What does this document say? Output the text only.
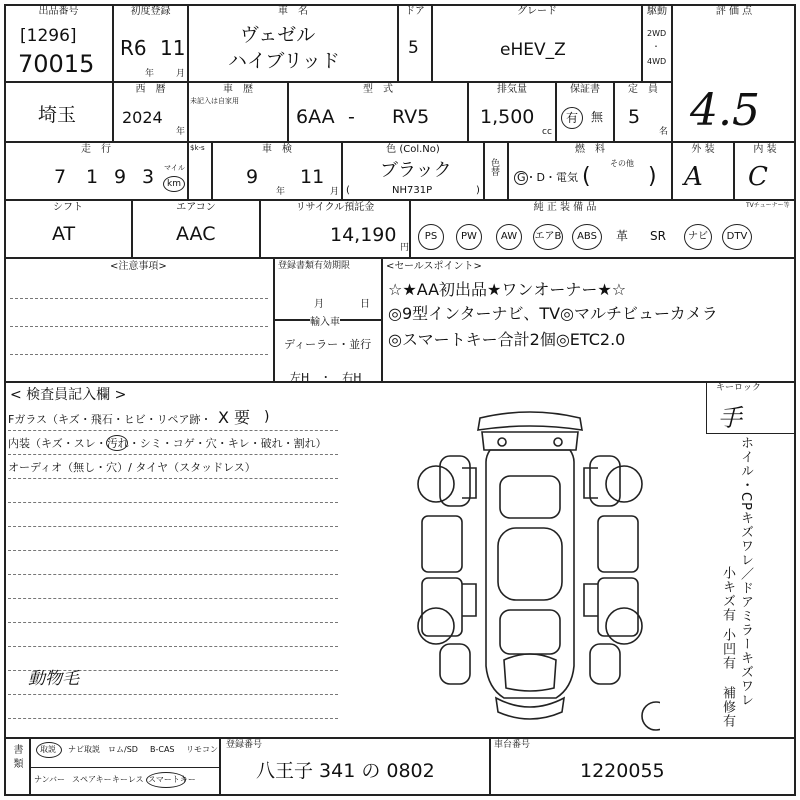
出品番号
[1296]
70015
初度登録
R6 11
年 月
車　名
ヴェゼル
ハイブリッド
ドア
5
グレード
eHEV_Z
駆動
2WD
・
4WD
評 価 点
4.5
埼玉
西　暦
2024
年
車　歴
未記入は自家用
型　式
6AA - RV5
排気量
1,500
cc
保証書
有	無
定　員
5
名
走　行
7 1 9 3 マイル
km
$k-s	車　検
9 11
年	月
色 (Col.No)
ブラック
NH731P
(	)
色替
燃　料
G・D・電気
その他
(	)
外 装
A
内 装
C
シフト
AT
エアコン
AAC
リサイクル預託金
14,190
円
純 正 装 備 品	TVチューナー等
PS	PW	AW	エアB	ABS	革 SR	ナビ	DTV
<注意事項>	登録書類有効期限
月	日
輸入車
ディーラー・並行
左H　・　右H
<セールスポイント>
☆★AA初出品★ワンオーナー★☆
◎9型インターナビ、TV◎マルチビューカメラ
◎スマートキー合計2個◎ETC2.0
< 検査員記入欄 >
Fガラス（キズ・飛石・ヒビ・リペア跡・ X 要 )
内装（キズ・スレ・汚れ・シミ・コゲ・穴・キレ・破れ・割れ）
オーディオ（無し・穴）/ タイヤ（スタッドレス）
動物毛
キーロック
手
ホイル・CPキズワレ／ドアミラーキズワレ
小キズ有
小凹有
補修有
書類 取説 ナビ取説 ロム/SD B-CAS リモコン
ナンバー スペアキー キーレス スマートキー
登録番号
八王子 341 の 0802
車台番号
1220055
